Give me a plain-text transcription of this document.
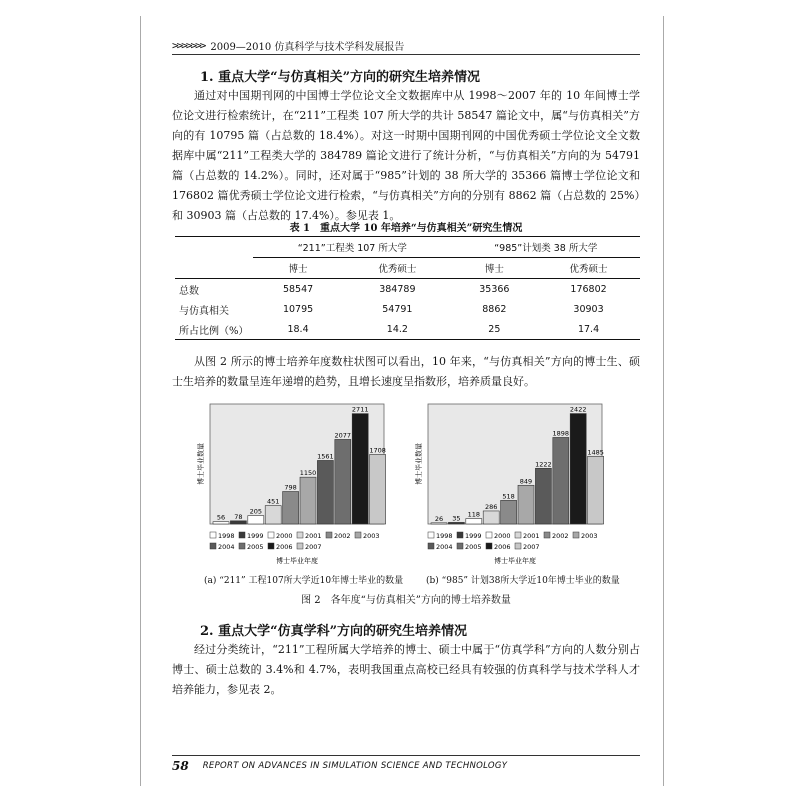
>>>>>>> 2009—2010 仿真科学与技术学科发展报告
1. 重点大学“与仿真相关”方向的研究生培养情况
通过对中国期刊网的中国博士学位论文全文数据库中从 1998～2007 年的 10 年间博士学位论文进行检索统计，在“211”工程类 107 所大学的共计 58547 篇论文中，属“与仿真相关”方向的有 10795 篇（占总数的 18.4%）。对这一时期中国期刊网的中国优秀硕士学位论文全文数据库中属“211”工程类大学的 384789 篇论文进行了统计分析，“与仿真相关”方向的为 54791 篇（占总数的 14.2%）。同时，还对属于“985”计划的 38 所大学的 35366 篇博士学位论文和 176802 篇优秀硕士学位论文进行检索，“与仿真相关”方向的分别有 8862 篇（占总数的 25%）和 30903 篇（占总数的 17.4%）。参见表 1。
表 1　重点大学 10 年培养“与仿真相关”研究生情况
	“211”工程类 107 所大学		“985”计划类 38 所大学	
	博士	优秀硕士	博士	优秀硕士
总数	58547	384789	35366	176802
与仿真相关	10795	54791	8862	30903
所占比例（%）	18.4	14.2	25	17.4
从图 2 所示的博士培养年度数柱状图可以看出，10 年来，“与仿真相关”方向的博士生、硕士生培养的数量呈连年递增的趋势，且增长速度呈指数形，培养质量良好。
博士毕业数量
56 78
205
451
798
1150
1561
2077
2711
1708
1998 1999 2000 2001 2002 2003
2004 2005 2006 2007
博士毕业年度
博士毕业数量
26 35 118
286
518
849
1222
1898
2422
1485
1998 1999 2000 2001 2002 2003
2004 2005 2006 2007
博士毕业年度
(a) “211” 工程107所大学近10年博士毕业的数量	(b) “985” 计划38所大学近10年博士毕业的数量
图 2　各年度“与仿真相关”方向的博士培养数量
2. 重点大学“仿真学科”方向的研究生培养情况
经过分类统计，“211”工程所属大学培养的博士、硕士中属于“仿真学科”方向的人数分别占博士、硕士总数的 3.4%和 4.7%，表明我国重点高校已经具有较强的仿真科学与技术学科人才培养能力，参见表 2。
58 REPORT ON ADVANCES IN SIMULATION SCIENCE AND TECHNOLOGY
